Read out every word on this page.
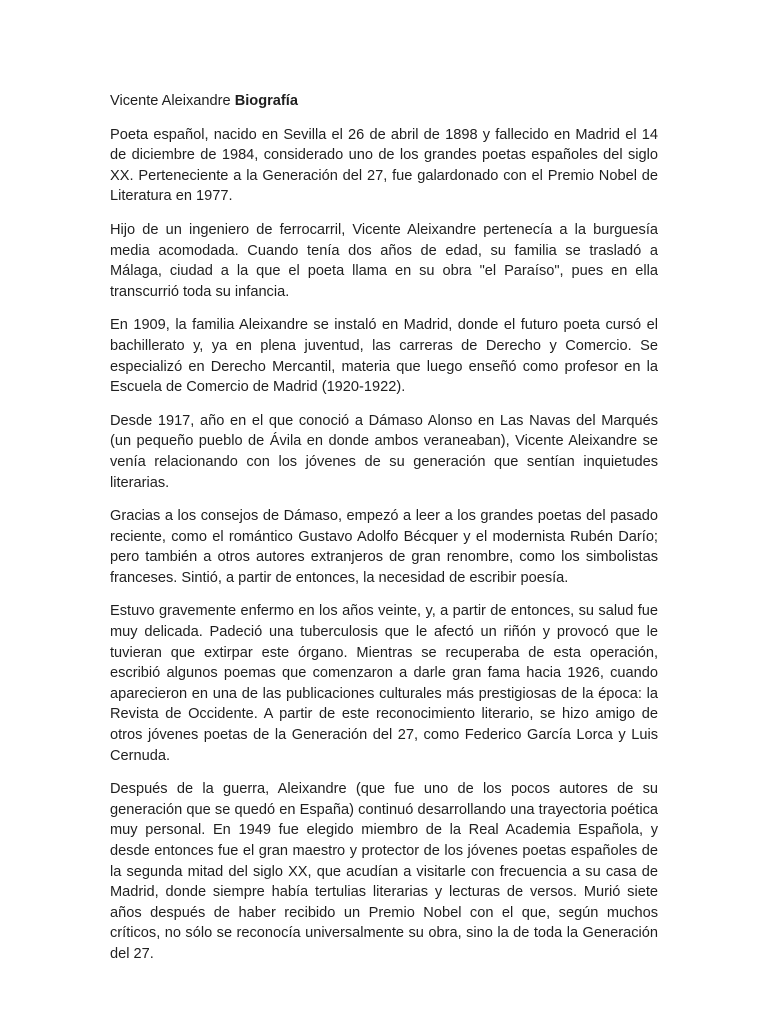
Vicente Aleixandre Biografía

Poeta español, nacido en Sevilla el 26 de abril de 1898 y fallecido en Madrid el 14 de diciembre de 1984, considerado uno de los grandes poetas españoles del siglo XX. Perteneciente a la Generación del 27, fue galardonado con el Premio Nobel de Literatura en 1977.

Hijo de un ingeniero de ferrocarril, Vicente Aleixandre pertenecía a la burguesía media acomodada. Cuando tenía dos años de edad, su familia se trasladó a Málaga, ciudad a la que el poeta llama en su obra "el Paraíso", pues en ella transcurrió toda su infancia.

En 1909, la familia Aleixandre se instaló en Madrid, donde el futuro poeta cursó el bachillerato y, ya en plena juventud, las carreras de Derecho y Comercio. Se especializó en Derecho Mercantil, materia que luego enseñó como profesor en la Escuela de Comercio de Madrid (1920-1922).

Desde 1917, año en el que conoció a Dámaso Alonso en Las Navas del Marqués (un pequeño pueblo de Ávila en donde ambos veraneaban), Vicente Aleixandre se venía relacionando con los jóvenes de su generación que sentían inquietudes literarias.

Gracias a los consejos de Dámaso, empezó a leer a los grandes poetas del pasado reciente, como el romántico Gustavo Adolfo Bécquer y el modernista Rubén Darío; pero también a otros autores extranjeros de gran renombre, como los simbolistas franceses. Sintió, a partir de entonces, la necesidad de escribir poesía.

Estuvo gravemente enfermo en los años veinte, y, a partir de entonces, su salud fue muy delicada. Padeció una tuberculosis que le afectó un riñón y provocó que le tuvieran que extirpar este órgano. Mientras se recuperaba de esta operación, escribió algunos poemas que comenzaron a darle gran fama hacia 1926, cuando aparecieron en una de las publicaciones culturales más prestigiosas de la época: la Revista de Occidente. A partir de este reconocimiento literario, se hizo amigo de otros jóvenes poetas de la Generación del 27, como Federico García Lorca y Luis Cernuda.

Después de la guerra, Aleixandre (que fue uno de los pocos autores de su generación que se quedó en España) continuó desarrollando una trayectoria poética muy personal. En 1949 fue elegido miembro de la Real Academia Española, y desde entonces fue el gran maestro y protector de los jóvenes poetas españoles de la segunda mitad del siglo XX, que acudían a visitarle con frecuencia a su casa de Madrid, donde siempre había tertulias literarias y lecturas de versos. Murió siete años después de haber recibido un Premio Nobel con el que, según muchos críticos, no sólo se reconocía universalmente su obra, sino la de toda la Generación del 27.
